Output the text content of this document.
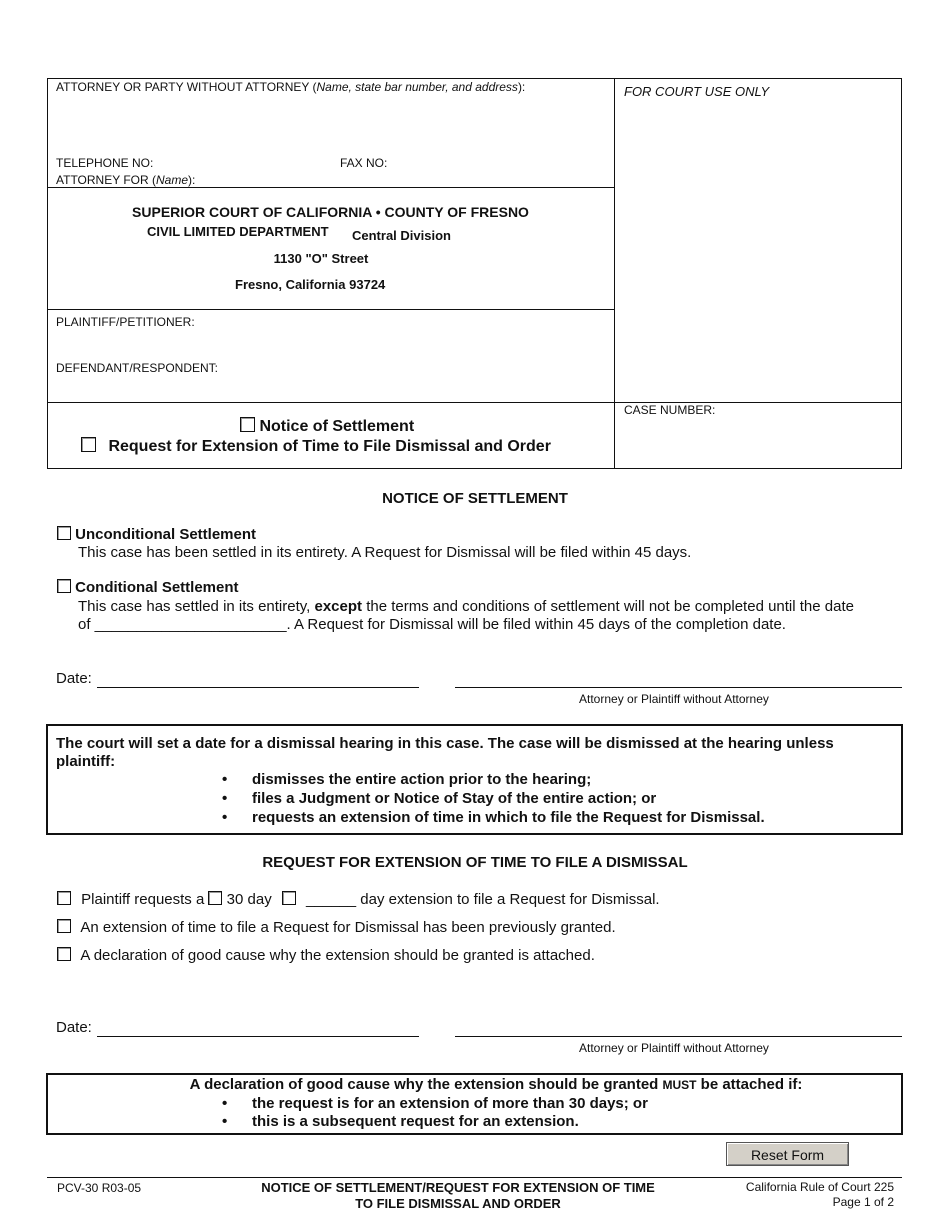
ATTORNEY OR PARTY WITHOUT ATTORNEY (Name, state bar number, and address):	FOR COURT USE ONLY
TELEPHONE NO:	FAX NO:
ATTORNEY FOR (Name):
SUPERIOR COURT OF CALIFORNIA • COUNTY OF FRESNO
CIVIL LIMITED DEPARTMENT Central Division
1130 "O" Street
Fresno, California 93724
PLAINTIFF/PETITIONER:
DEFENDANT/RESPONDENT:
CASE NUMBER:
Notice of Settlement
Request for Extension of Time to File Dismissal and Order
NOTICE OF SETTLEMENT
Unconditional Settlement
This case has been settled in its entirety. A Request for Dismissal will be filed within 45 days.
Conditional Settlement
This case has settled in its entirety, except the terms and conditions of settlement will not be completed until the date
of _______________________. A Request for Dismissal will be filed within 45 days of the completion date.
Date:
Attorney or Plaintiff without Attorney
The court will set a date for a dismissal hearing in this case. The case will be dismissed at the hearing unless plaintiff:
• dismisses the entire action prior to the hearing;
• files a Judgment or Notice of Stay of the entire action; or
• requests an extension of time in which to file the Request for Dismissal.
REQUEST FOR EXTENSION OF TIME TO FILE A DISMISSAL
Plaintiff requests a 30 day ______ day extension to file a Request for Dismissal.
An extension of time to file a Request for Dismissal has been previously granted.
A declaration of good cause why the extension should be granted is attached.
Date:
Attorney or Plaintiff without Attorney
A declaration of good cause why the extension should be granted MUST be attached if:
• the request is for an extension of more than 30 days; or
• this is a subsequent request for an extension.
Reset Form
PCV-30 R03-05	NOTICE OF SETTLEMENT/REQUEST FOR EXTENSION OF TIME
TO FILE DISMISSAL AND ORDER
California Rule of Court 225
Page 1 of 2
